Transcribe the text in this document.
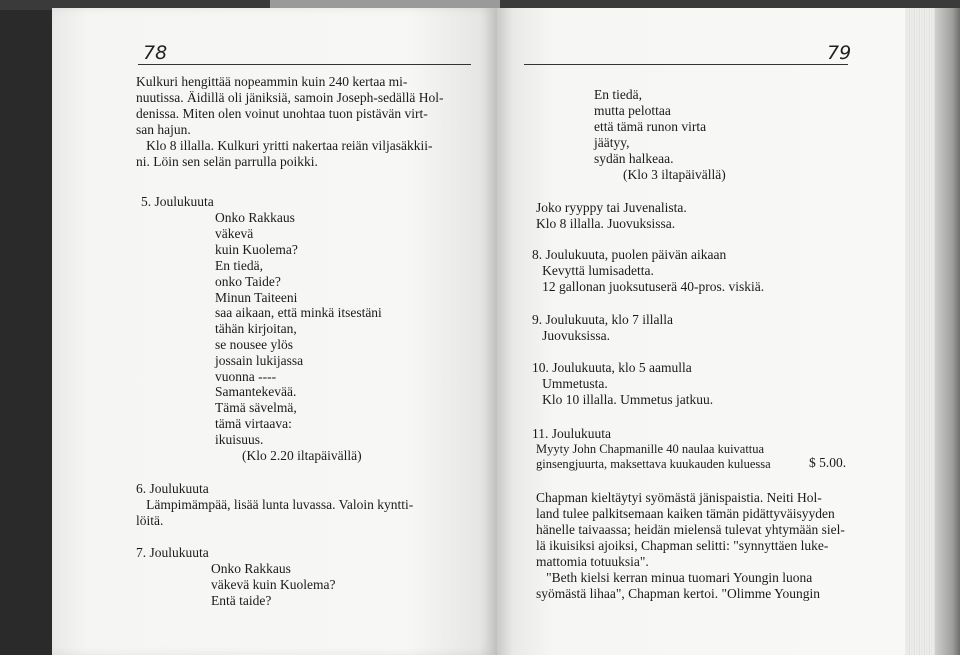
78
Kulkuri hengittää nopeammin kuin 240 kertaa mi-
nuutissa. Äidillä oli jäniksiä, samoin Joseph-sedällä Hol-
denissa. Miten olen voinut unohtaa tuon pistävän virt-
san hajun.
Klo 8 illalla. Kulkuri yritti nakertaa reiän viljasäkkii-
ni. Löin sen selän parrulla poikki.
5. Joulukuuta
Onko Rakkaus
väkevä
kuin Kuolema?
En tiedä,
onko Taide?
Minun Taiteeni
saa aikaan, että minkä itsestäni
tähän kirjoitan,
se nousee ylös
jossain lukijassa
vuonna ----
Samantekevää.
Tämä sävelmä,
tämä virtaava:
ikuisuus.
(Klo 2.20 iltapäivällä)
6. Joulukuuta
Lämpimämpää, lisää lunta luvassa. Valoin kyntti-
löitä.
7. Joulukuuta
Onko Rakkaus
väkevä kuin Kuolema?
Entä taide?
79
En tiedä,
mutta pelottaa
että tämä runon virta
jäätyy,
sydän halkeaa.
(Klo 3 iltapäivällä)
Joko ryyppy tai Juvenalista.
Klo 8 illalla. Juovuksissa.
8. Joulukuuta, puolen päivän aikaan
Kevyttä lumisadetta.
12 gallonan juoksutuserä 40-pros. viskiä.
9. Joulukuuta, klo 7 illalla
Juovuksissa.
10. Joulukuuta, klo 5 aamulla
Ummetusta.
Klo 10 illalla. Ummetus jatkuu.
11. Joulukuuta
Myyty John Chapmanille 40 naulaa kuivattua
ginsengjuurta, maksettava kuukauden kuluessa	$ 5.00.
Chapman kieltäytyi syömästä jänispaistia. Neiti Hol-
land tulee palkitsemaan kaiken tämän pidättyväisyyden
hänelle taivaassa; heidän mielensä tulevat yhtymään siel-
lä ikuisiksi ajoiksi, Chapman selitti: "synnyttäen luke-
mattomia totuuksia".
"Beth kielsi kerran minua tuomari Youngin luona
syömästä lihaa", Chapman kertoi. "Olimme Youngin
